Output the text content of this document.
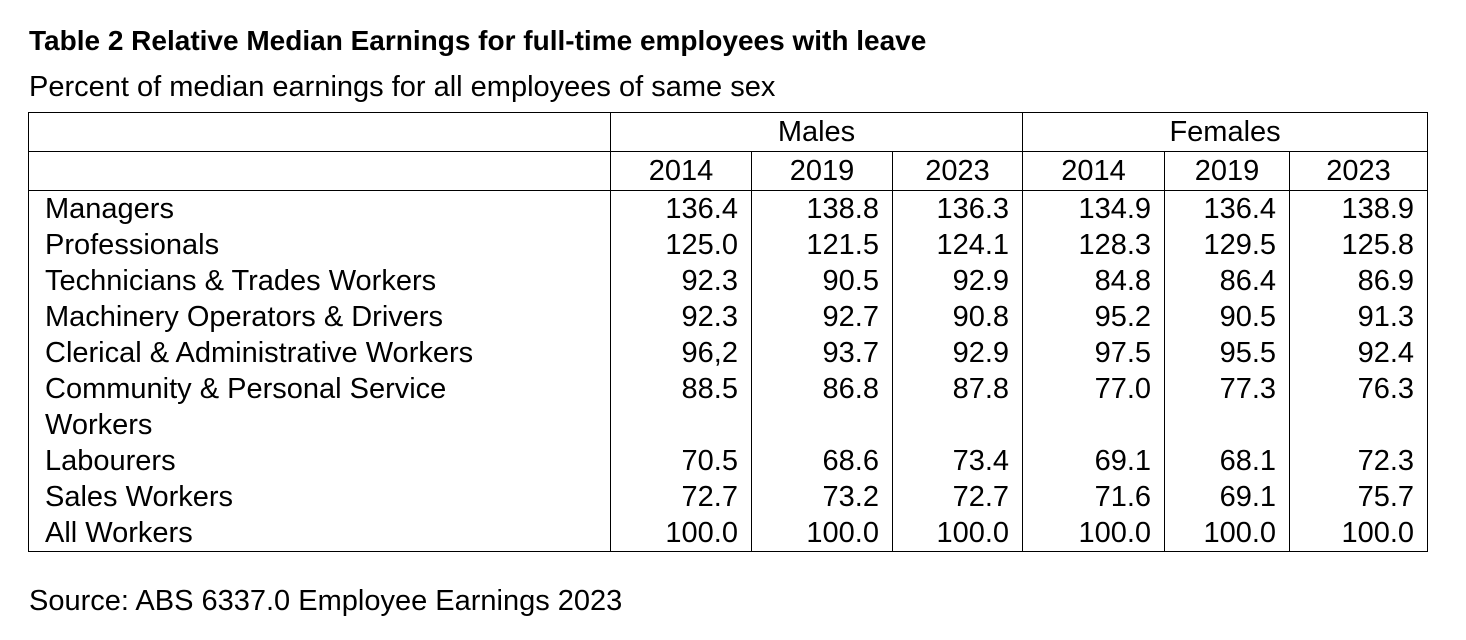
Table 2 Relative Median Earnings for full-time employees with leave
Percent of median earnings for all employees of same sex
	Males			Females		
	2014	2019	2023	2014	2019	2023
Managers	136.4	138.8	136.3	134.9	136.4	138.9
Professionals	125.0	121.5	124.1	128.3	129.5	125.8
Technicians & Trades Workers	92.3	90.5	92.9	84.8	86.4	86.9
Machinery Operators & Drivers	92.3	92.7	90.8	95.2	90.5	91.3
Clerical & Administrative Workers	96,2	93.7	92.9	97.5	95.5	92.4
Community & Personal Service Workers	88.5	86.8	87.8	77.0	77.3	76.3
Labourers	70.5	68.6	73.4	69.1	68.1	72.3
Sales Workers	72.7	73.2	72.7	71.6	69.1	75.7
All Workers	100.0	100.0	100.0	100.0	100.0	100.0
Source: ABS 6337.0 Employee Earnings 2023
